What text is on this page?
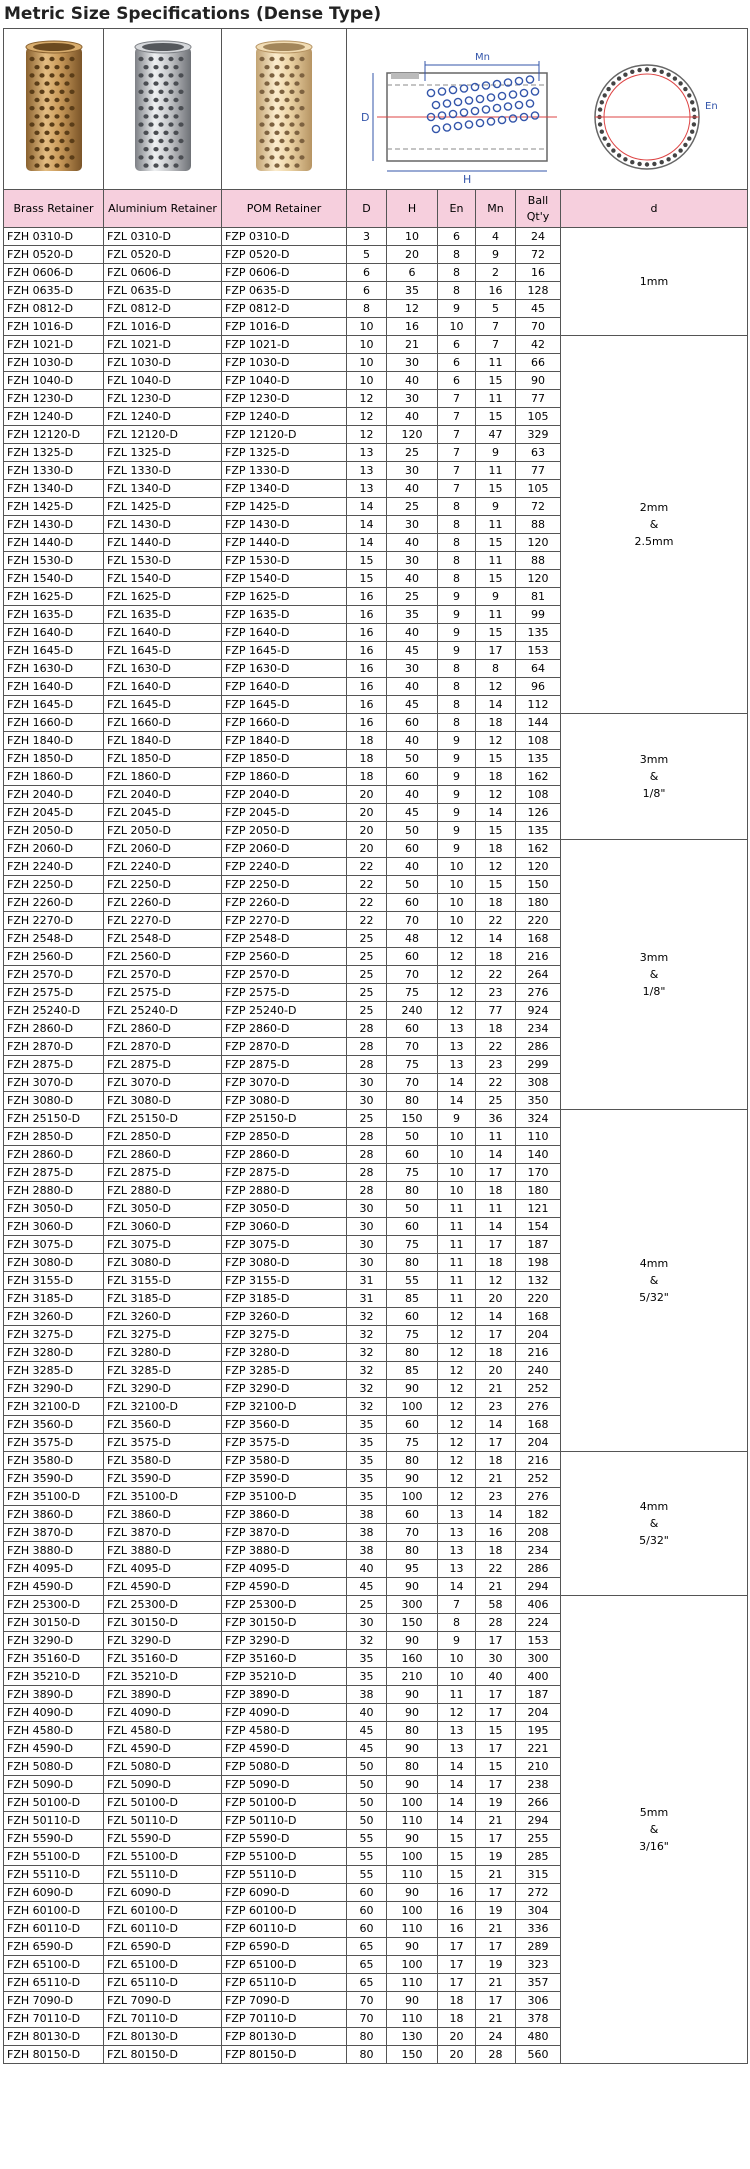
Metric Size Specifications (Dense Type)

Mn
H
D
En					

Brass Retainer	Aluminium Retainer	POM Retainer	D	H	En	Mn	Ball Qt'y	d
FZH 0310-D	FZL 0310-D	FZP 0310-D	3	10	6	4	24	1mm

FZH 0520-D	FZL 0520-D	FZP 0520-D	5	20	8	9	72	
FZH 0606-D	FZL 0606-D	FZP 0606-D	6	6	8	2	16	
FZH 0635-D	FZL 0635-D	FZP 0635-D	6	35	8	16	128	
FZH 0812-D	FZL 0812-D	FZP 0812-D	8	12	9	5	45	
FZH 1016-D	FZL 1016-D	FZP 1016-D	10	16	10	7	70	
FZH 1021-D	FZL 1021-D	FZP 1021-D	10	21	6	7	42	2mm
&
2.5mm

FZH 1030-D	FZL 1030-D	FZP 1030-D	10	30	6	11	66	
FZH 1040-D	FZL 1040-D	FZP 1040-D	10	40	6	15	90	
FZH 1230-D	FZL 1230-D	FZP 1230-D	12	30	7	11	77	
FZH 1240-D	FZL 1240-D	FZP 1240-D	12	40	7	15	105	
FZH 12120-D	FZL 12120-D	FZP 12120-D	12	120	7	47	329	
FZH 1325-D	FZL 1325-D	FZP 1325-D	13	25	7	9	63	
FZH 1330-D	FZL 1330-D	FZP 1330-D	13	30	7	11	77	
FZH 1340-D	FZL 1340-D	FZP 1340-D	13	40	7	15	105	
FZH 1425-D	FZL 1425-D	FZP 1425-D	14	25	8	9	72	
FZH 1430-D	FZL 1430-D	FZP 1430-D	14	30	8	11	88	
FZH 1440-D	FZL 1440-D	FZP 1440-D	14	40	8	15	120	
FZH 1530-D	FZL 1530-D	FZP 1530-D	15	30	8	11	88	
FZH 1540-D	FZL 1540-D	FZP 1540-D	15	40	8	15	120	
FZH 1625-D	FZL 1625-D	FZP 1625-D	16	25	9	9	81	
FZH 1635-D	FZL 1635-D	FZP 1635-D	16	35	9	11	99	
FZH 1640-D	FZL 1640-D	FZP 1640-D	16	40	9	15	135	
FZH 1645-D	FZL 1645-D	FZP 1645-D	16	45	9	17	153	
FZH 1630-D	FZL 1630-D	FZP 1630-D	16	30	8	8	64	
FZH 1640-D	FZL 1640-D	FZP 1640-D	16	40	8	12	96	
FZH 1645-D	FZL 1645-D	FZP 1645-D	16	45	8	14	112	
FZH 1660-D	FZL 1660-D	FZP 1660-D	16	60	8	18	144	3mm
&
1/8"

FZH 1840-D	FZL 1840-D	FZP 1840-D	18	40	9	12	108	
FZH 1850-D	FZL 1850-D	FZP 1850-D	18	50	9	15	135	
FZH 1860-D	FZL 1860-D	FZP 1860-D	18	60	9	18	162	
FZH 2040-D	FZL 2040-D	FZP 2040-D	20	40	9	12	108	
FZH 2045-D	FZL 2045-D	FZP 2045-D	20	45	9	14	126	
FZH 2050-D	FZL 2050-D	FZP 2050-D	20	50	9	15	135	
FZH 2060-D	FZL 2060-D	FZP 2060-D	20	60	9	18	162	3mm
&
1/8"

FZH 2240-D	FZL 2240-D	FZP 2240-D	22	40	10	12	120	
FZH 2250-D	FZL 2250-D	FZP 2250-D	22	50	10	15	150	
FZH 2260-D	FZL 2260-D	FZP 2260-D	22	60	10	18	180	
FZH 2270-D	FZL 2270-D	FZP 2270-D	22	70	10	22	220	
FZH 2548-D	FZL 2548-D	FZP 2548-D	25	48	12	14	168	
FZH 2560-D	FZL 2560-D	FZP 2560-D	25	60	12	18	216	
FZH 2570-D	FZL 2570-D	FZP 2570-D	25	70	12	22	264	
FZH 2575-D	FZL 2575-D	FZP 2575-D	25	75	12	23	276	
FZH 25240-D	FZL 25240-D	FZP 25240-D	25	240	12	77	924	
FZH 2860-D	FZL 2860-D	FZP 2860-D	28	60	13	18	234	
FZH 2870-D	FZL 2870-D	FZP 2870-D	28	70	13	22	286	
FZH 2875-D	FZL 2875-D	FZP 2875-D	28	75	13	23	299	
FZH 3070-D	FZL 3070-D	FZP 3070-D	30	70	14	22	308	
FZH 3080-D	FZL 3080-D	FZP 3080-D	30	80	14	25	350	
FZH 25150-D	FZL 25150-D	FZP 25150-D	25	150	9	36	324	4mm
&
5/32"

FZH 2850-D	FZL 2850-D	FZP 2850-D	28	50	10	11	110	
FZH 2860-D	FZL 2860-D	FZP 2860-D	28	60	10	14	140	
FZH 2875-D	FZL 2875-D	FZP 2875-D	28	75	10	17	170	
FZH 2880-D	FZL 2880-D	FZP 2880-D	28	80	10	18	180	
FZH 3050-D	FZL 3050-D	FZP 3050-D	30	50	11	11	121	
FZH 3060-D	FZL 3060-D	FZP 3060-D	30	60	11	14	154	
FZH 3075-D	FZL 3075-D	FZP 3075-D	30	75	11	17	187	
FZH 3080-D	FZL 3080-D	FZP 3080-D	30	80	11	18	198	
FZH 3155-D	FZL 3155-D	FZP 3155-D	31	55	11	12	132	
FZH 3185-D	FZL 3185-D	FZP 3185-D	31	85	11	20	220	
FZH 3260-D	FZL 3260-D	FZP 3260-D	32	60	12	14	168	
FZH 3275-D	FZL 3275-D	FZP 3275-D	32	75	12	17	204	
FZH 3280-D	FZL 3280-D	FZP 3280-D	32	80	12	18	216	
FZH 3285-D	FZL 3285-D	FZP 3285-D	32	85	12	20	240	
FZH 3290-D	FZL 3290-D	FZP 3290-D	32	90	12	21	252	
FZH 32100-D	FZL 32100-D	FZP 32100-D	32	100	12	23	276	
FZH 3560-D	FZL 3560-D	FZP 3560-D	35	60	12	14	168	
FZH 3575-D	FZL 3575-D	FZP 3575-D	35	75	12	17	204	
FZH 3580-D	FZL 3580-D	FZP 3580-D	35	80	12	18	216	4mm
&
5/32"

FZH 3590-D	FZL 3590-D	FZP 3590-D	35	90	12	21	252	
FZH 35100-D	FZL 35100-D	FZP 35100-D	35	100	12	23	276	
FZH 3860-D	FZL 3860-D	FZP 3860-D	38	60	13	14	182	
FZH 3870-D	FZL 3870-D	FZP 3870-D	38	70	13	16	208	
FZH 3880-D	FZL 3880-D	FZP 3880-D	38	80	13	18	234	
FZH 4095-D	FZL 4095-D	FZP 4095-D	40	95	13	22	286	
FZH 4590-D	FZL 4590-D	FZP 4590-D	45	90	14	21	294	
FZH 25300-D	FZL 25300-D	FZP 25300-D	25	300	7	58	406	5mm
&
3/16"

FZH 30150-D	FZL 30150-D	FZP 30150-D	30	150	8	28	224	
FZH 3290-D	FZL 3290-D	FZP 3290-D	32	90	9	17	153	
FZH 35160-D	FZL 35160-D	FZP 35160-D	35	160	10	30	300	
FZH 35210-D	FZL 35210-D	FZP 35210-D	35	210	10	40	400	
FZH 3890-D	FZL 3890-D	FZP 3890-D	38	90	11	17	187	
FZH 4090-D	FZL 4090-D	FZP 4090-D	40	90	12	17	204	
FZH 4580-D	FZL 4580-D	FZP 4580-D	45	80	13	15	195	
FZH 4590-D	FZL 4590-D	FZP 4590-D	45	90	13	17	221	
FZH 5080-D	FZL 5080-D	FZP 5080-D	50	80	14	15	210	
FZH 5090-D	FZL 5090-D	FZP 5090-D	50	90	14	17	238	
FZH 50100-D	FZL 50100-D	FZP 50100-D	50	100	14	19	266	
FZH 50110-D	FZL 50110-D	FZP 50110-D	50	110	14	21	294	
FZH 5590-D	FZL 5590-D	FZP 5590-D	55	90	15	17	255	
FZH 55100-D	FZL 55100-D	FZP 55100-D	55	100	15	19	285	
FZH 55110-D	FZL 55110-D	FZP 55110-D	55	110	15	21	315	
FZH 6090-D	FZL 6090-D	FZP 6090-D	60	90	16	17	272	
FZH 60100-D	FZL 60100-D	FZP 60100-D	60	100	16	19	304	
FZH 60110-D	FZL 60110-D	FZP 60110-D	60	110	16	21	336	
FZH 6590-D	FZL 6590-D	FZP 6590-D	65	90	17	17	289	
FZH 65100-D	FZL 65100-D	FZP 65100-D	65	100	17	19	323	
FZH 65110-D	FZL 65110-D	FZP 65110-D	65	110	17	21	357	
FZH 7090-D	FZL 7090-D	FZP 7090-D	70	90	18	17	306	
FZH 70110-D	FZL 70110-D	FZP 70110-D	70	110	18	21	378	
FZH 80130-D	FZL 80130-D	FZP 80130-D	80	130	20	24	480	
FZH 80150-D	FZL 80150-D	FZP 80150-D	80	150	20	28	560	
